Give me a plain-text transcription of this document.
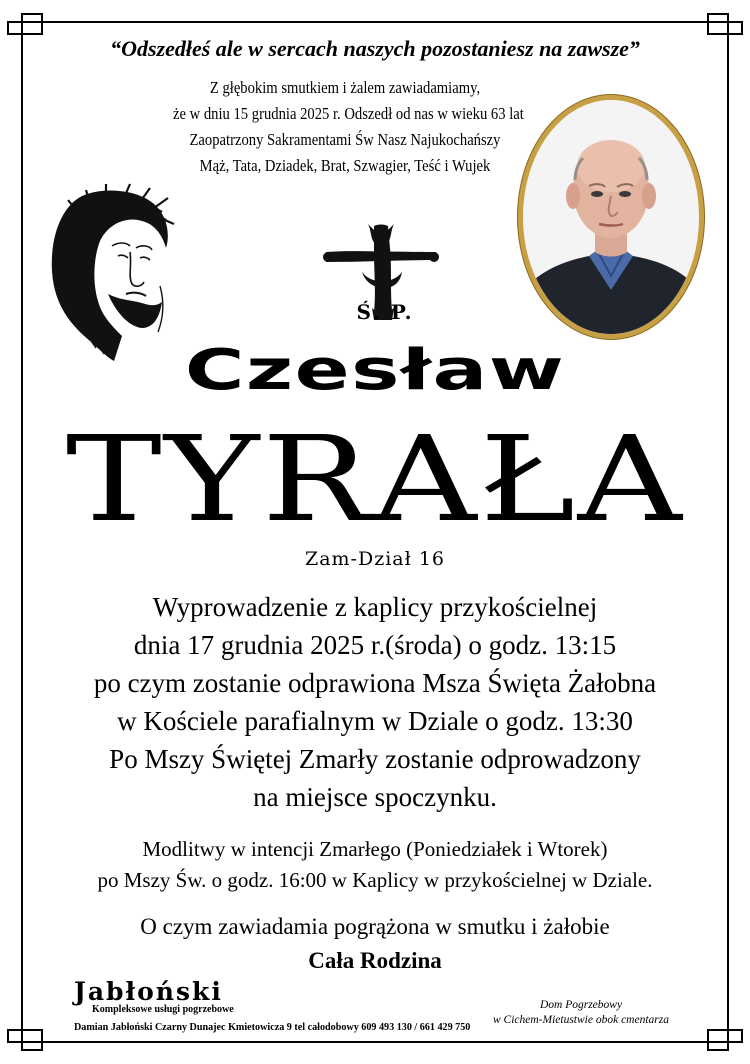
“Odszedłeś ale w sercach naszych pozostaniesz na zawsze”
Z głębokim smutkiem i żalem zawiadamiamy,
że w dniu 15 grudnia 2025 r. Odszedł od nas w wieku 63 lat
Zaopatrzony Sakramentami Św Nasz Najukochańszy
Mąż, Tata, Dziadek, Brat, Szwagier, Teść i Wujek
Ś. P.
Czesław
TYRAŁA
Zam-Dział 16
Wyprowadzenie z kaplicy przykościelnej
dnia 17 grudnia 2025 r.(środa) o godz. 13:15
po czym zostanie odprawiona Msza Święta Żałobna
w Kościele parafialnym w Dziale o godz. 13:30
Po Mszy Świętej Zmarły zostanie odprowadzony
na miejsce spoczynku.
Modlitwy w intencji Zmarłego (Poniedziałek i Wtorek)
po Mszy Św. o godz. 16:00 w Kaplicy w przykościelnej w Dziale.
O czym zawiadamia pogrążona w smutku i żałobie
Cała Rodzina
Jabłoński
Kompleksowe usługi pogrzebowe
Damian Jabłoński Czarny Dunajec Kmietowicza 9 tel całodobowy 609 493 130 / 661 429 750
Dom Pogrzebowy
w Cichem-Mietustwie obok cmentarza
